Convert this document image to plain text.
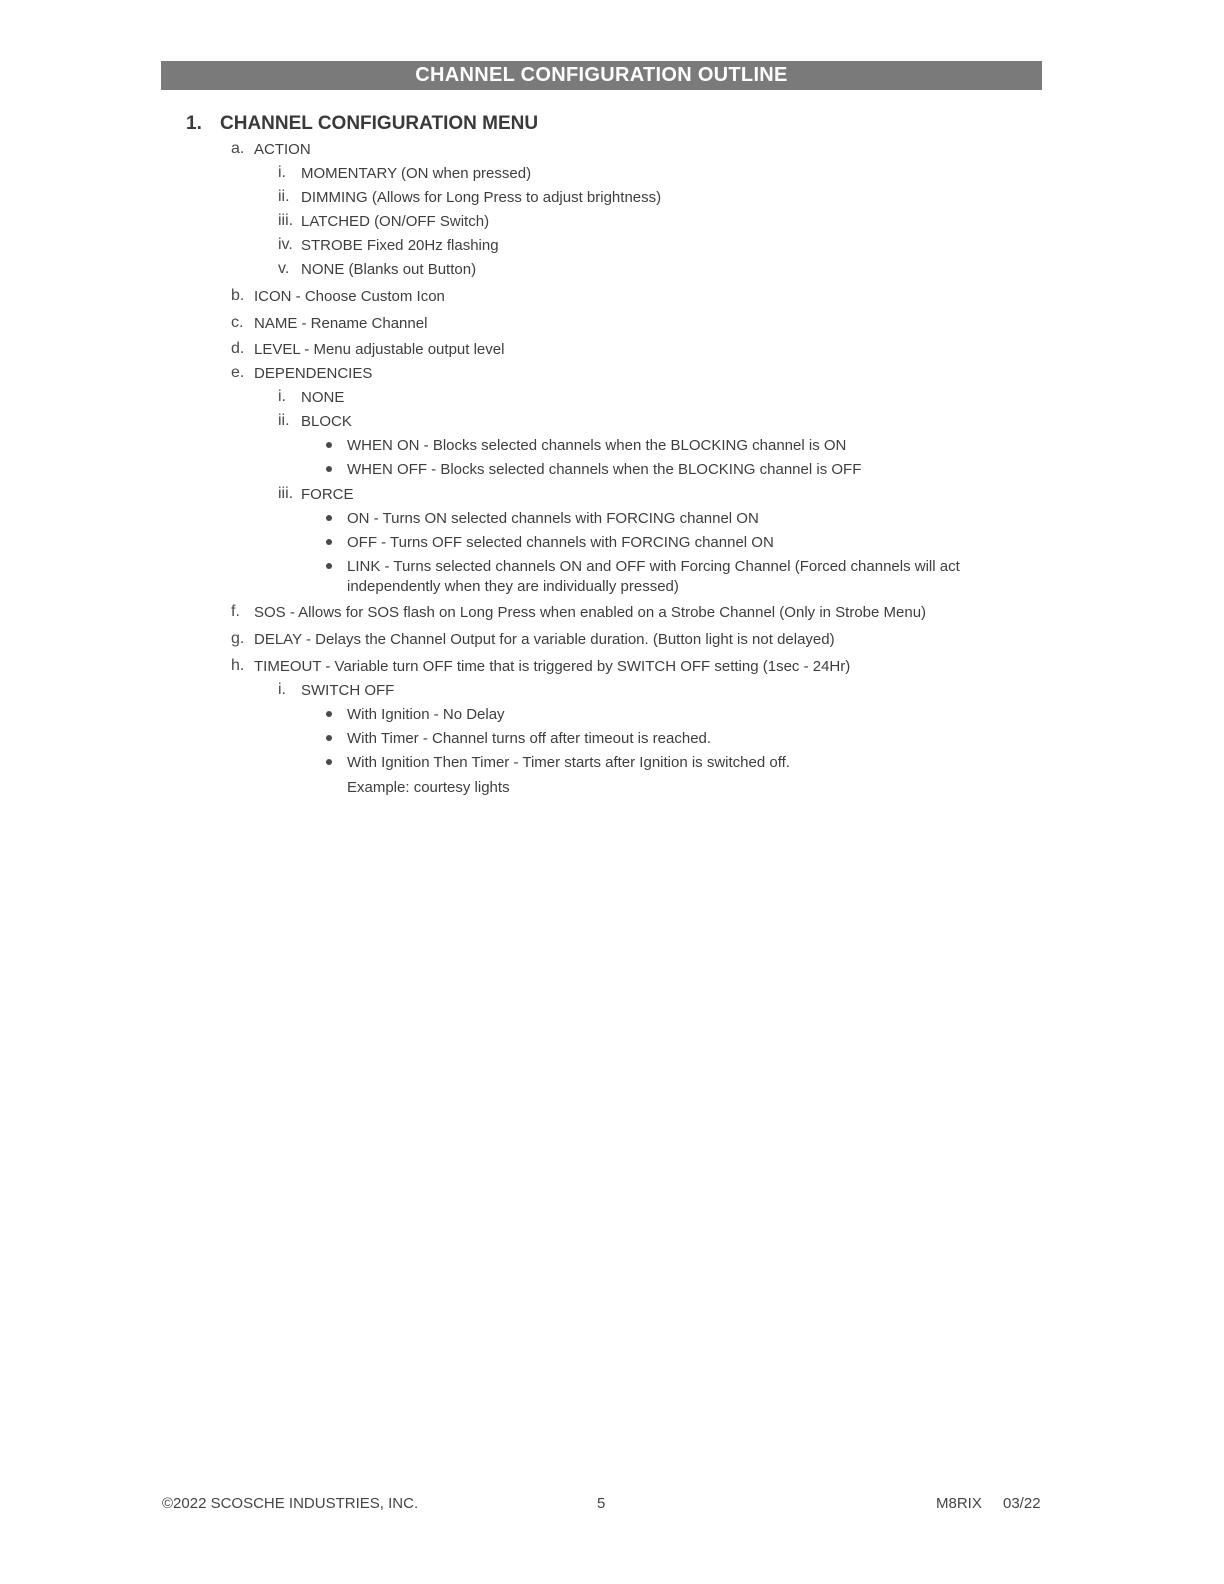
CHANNEL CONFIGURATION OUTLINE
1. CHANNEL CONFIGURATION MENU
a. ACTION
i. MOMENTARY (ON when pressed)
ii. DIMMING (Allows for Long Press to adjust brightness)
iii. LATCHED (ON/OFF Switch)
iv. STROBE Fixed 20Hz flashing
v. NONE (Blanks out Button)
b. ICON - Choose Custom Icon
c. NAME - Rename Channel
d. LEVEL - Menu adjustable output level
e. DEPENDENCIES
i. NONE
ii. BLOCK
WHEN ON - Blocks selected channels when the BLOCKING channel is ON
WHEN OFF - Blocks selected channels when the BLOCKING channel is OFF
iii. FORCE
ON - Turns ON selected channels with FORCING channel ON
OFF - Turns OFF selected channels with FORCING channel ON
LINK - Turns selected channels ON and OFF with Forcing Channel (Forced channels will act
independently when they are individually pressed)
f. SOS - Allows for SOS flash on Long Press when enabled on a Strobe Channel (Only in Strobe Menu)
g. DELAY - Delays the Channel Output for a variable duration. (Button light is not delayed)
h. TIMEOUT - Variable turn OFF time that is triggered by SWITCH OFF setting (1sec - 24Hr)
i. SWITCH OFF
With Ignition - No Delay
With Timer - Channel turns off after timeout is reached.
With Ignition Then Timer - Timer starts after Ignition is switched off.
Example: courtesy lights
©2022 SCOSCHE INDUSTRIES, INC.	5	M8RIX 03/22
